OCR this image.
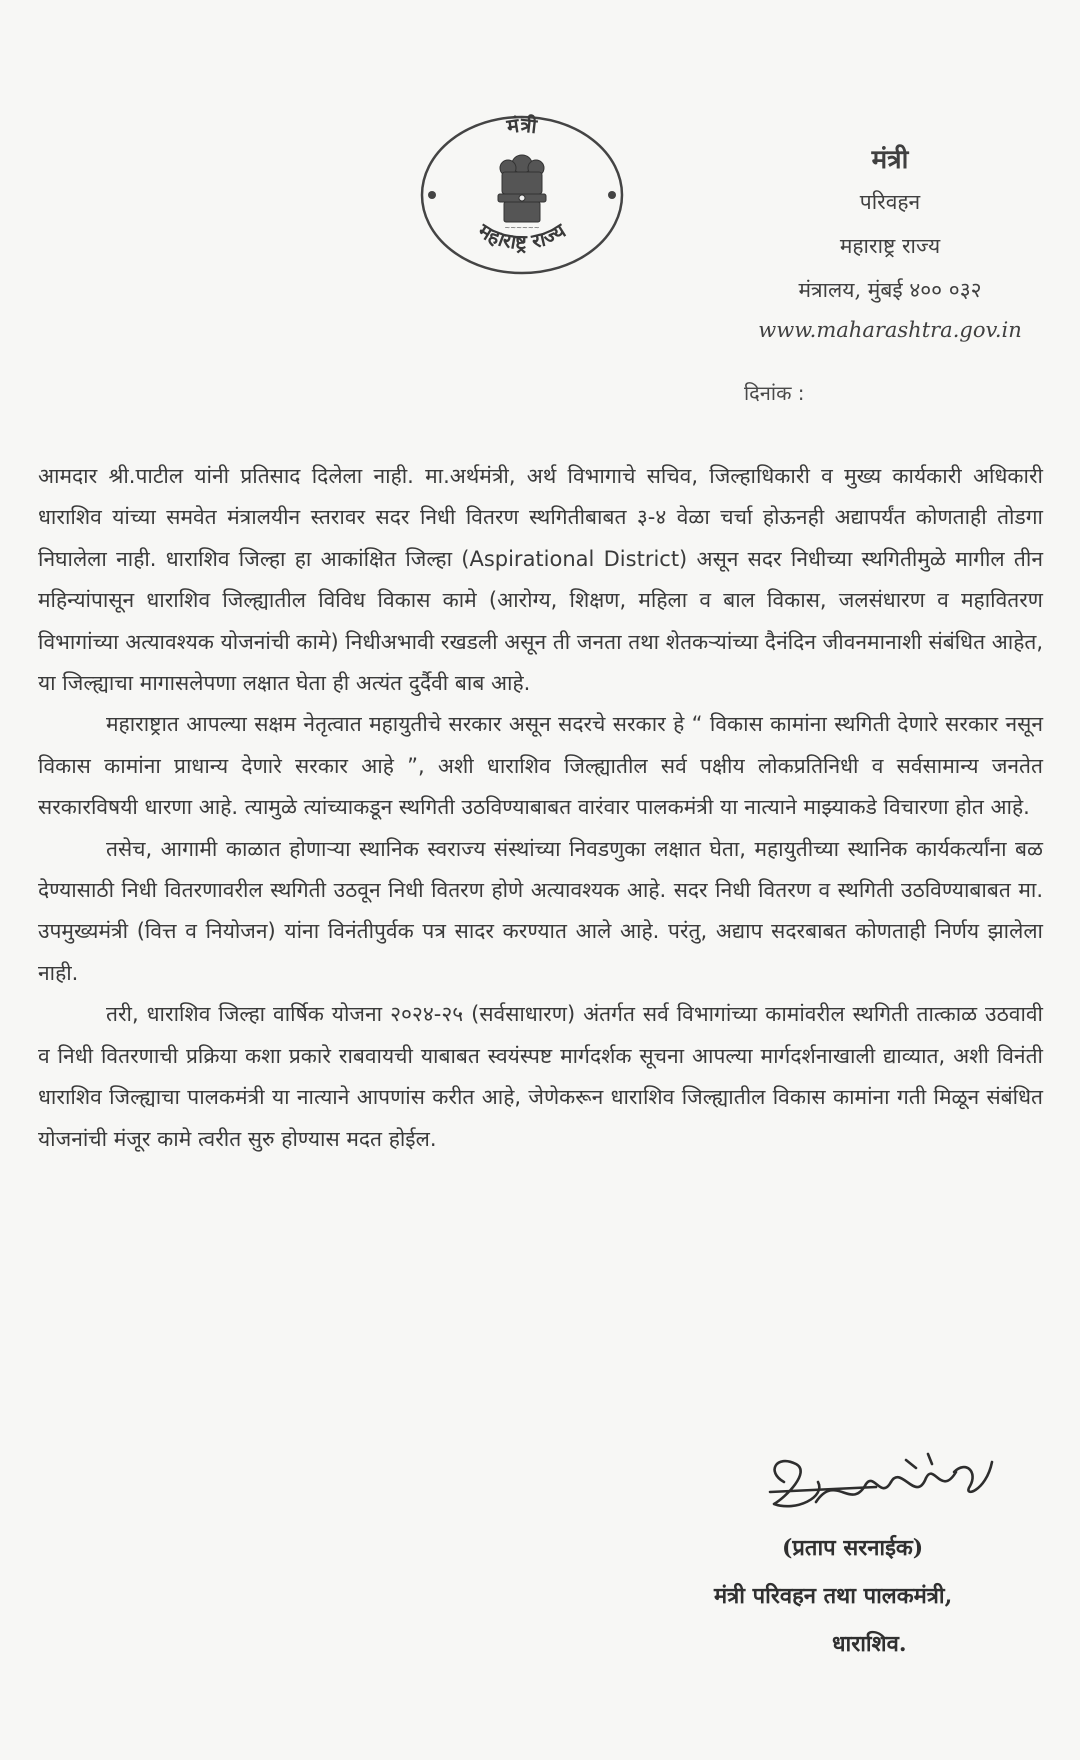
~~~~~~
मंत्री
महाराष्ट्र राज्य
मंत्री
परिवहन
महाराष्ट्र राज्य
मंत्रालय, मुंबई ४०० ०३२
www.maharashtra.gov.in
दिनांक :

आमदार श्री.पाटील यांनी प्रतिसाद दिलेला नाही. मा.अर्थमंत्री, अर्थ विभागाचे सचिव, जिल्हाधिकारी व मुख्य कार्यकारी अधिकारी धाराशिव यांच्या समवेत मंत्रालयीन स्तरावर सदर निधी वितरण स्थगितीबाबत ३-४ वेळा चर्चा होऊनही अद्यापर्यंत कोणताही तोडगा निघालेला नाही. धाराशिव जिल्हा हा आकांक्षित जिल्हा (Aspirational District) असून सदर निधीच्या स्थगितीमुळे मागील तीन महिन्यांपासून धाराशिव जिल्ह्यातील विविध विकास कामे (आरोग्य, शिक्षण, महिला व बाल विकास, जलसंधारण व महावितरण विभागांच्या अत्यावश्यक योजनांची कामे) निधीअभावी रखडली असून ती जनता तथा शेतकऱ्यांच्या दैनंदिन जीवनमानाशी संबंधित आहेत, या जिल्ह्याचा मागासलेपणा लक्षात घेता ही अत्यंत दुर्दैवी बाब आहे.

महाराष्ट्रात आपल्या सक्षम नेतृत्वात महायुतीचे सरकार असून सदरचे सरकार हे “ विकास कामांना स्थगिती देणारे सरकार नसून विकास कामांना प्राधान्य देणारे सरकार आहे ”, अशी धाराशिव जिल्ह्यातील सर्व पक्षीय लोकप्रतिनिधी व सर्वसामान्य जनतेत सरकारविषयी धारणा आहे. त्यामुळे त्यांच्याकडून स्थगिती उठविण्याबाबत वारंवार पालकमंत्री या नात्याने माझ्याकडे विचारणा होत आहे.

तसेच, आगामी काळात होणाऱ्या स्थानिक स्वराज्य संस्थांच्या निवडणुका लक्षात घेता, महायुतीच्या स्थानिक कार्यकर्त्यांना बळ देण्यासाठी निधी वितरणावरील स्थगिती उठवून निधी वितरण होणे अत्यावश्यक आहे. सदर निधी वितरण व स्थगिती उठविण्याबाबत मा. उपमुख्यमंत्री (वित्त व नियोजन) यांना विनंतीपुर्वक पत्र सादर करण्यात आले आहे. परंतु, अद्याप सदरबाबत कोणताही निर्णय झालेला नाही.

तरी, धाराशिव जिल्हा वार्षिक योजना २०२४-२५ (सर्वसाधारण) अंतर्गत सर्व विभागांच्या कामांवरील स्थगिती तात्काळ उठवावी व निधी वितरणाची प्रक्रिया कशा प्रकारे राबवायची याबाबत स्वयंस्पष्ट मार्गदर्शक सूचना आपल्या मार्गदर्शनाखाली द्याव्यात, अशी विनंती धाराशिव जिल्ह्याचा पालकमंत्री या नात्याने आपणांस करीत आहे, जेणेकरून धाराशिव जिल्ह्यातील विकास कामांना गती मिळून संबंधित योजनांची मंजूर कामे त्वरीत सुरु होण्यास मदत होईल.

(प्रताप सरनाईक)
मंत्री परिवहन तथा पालकमंत्री,
धाराशिव.
